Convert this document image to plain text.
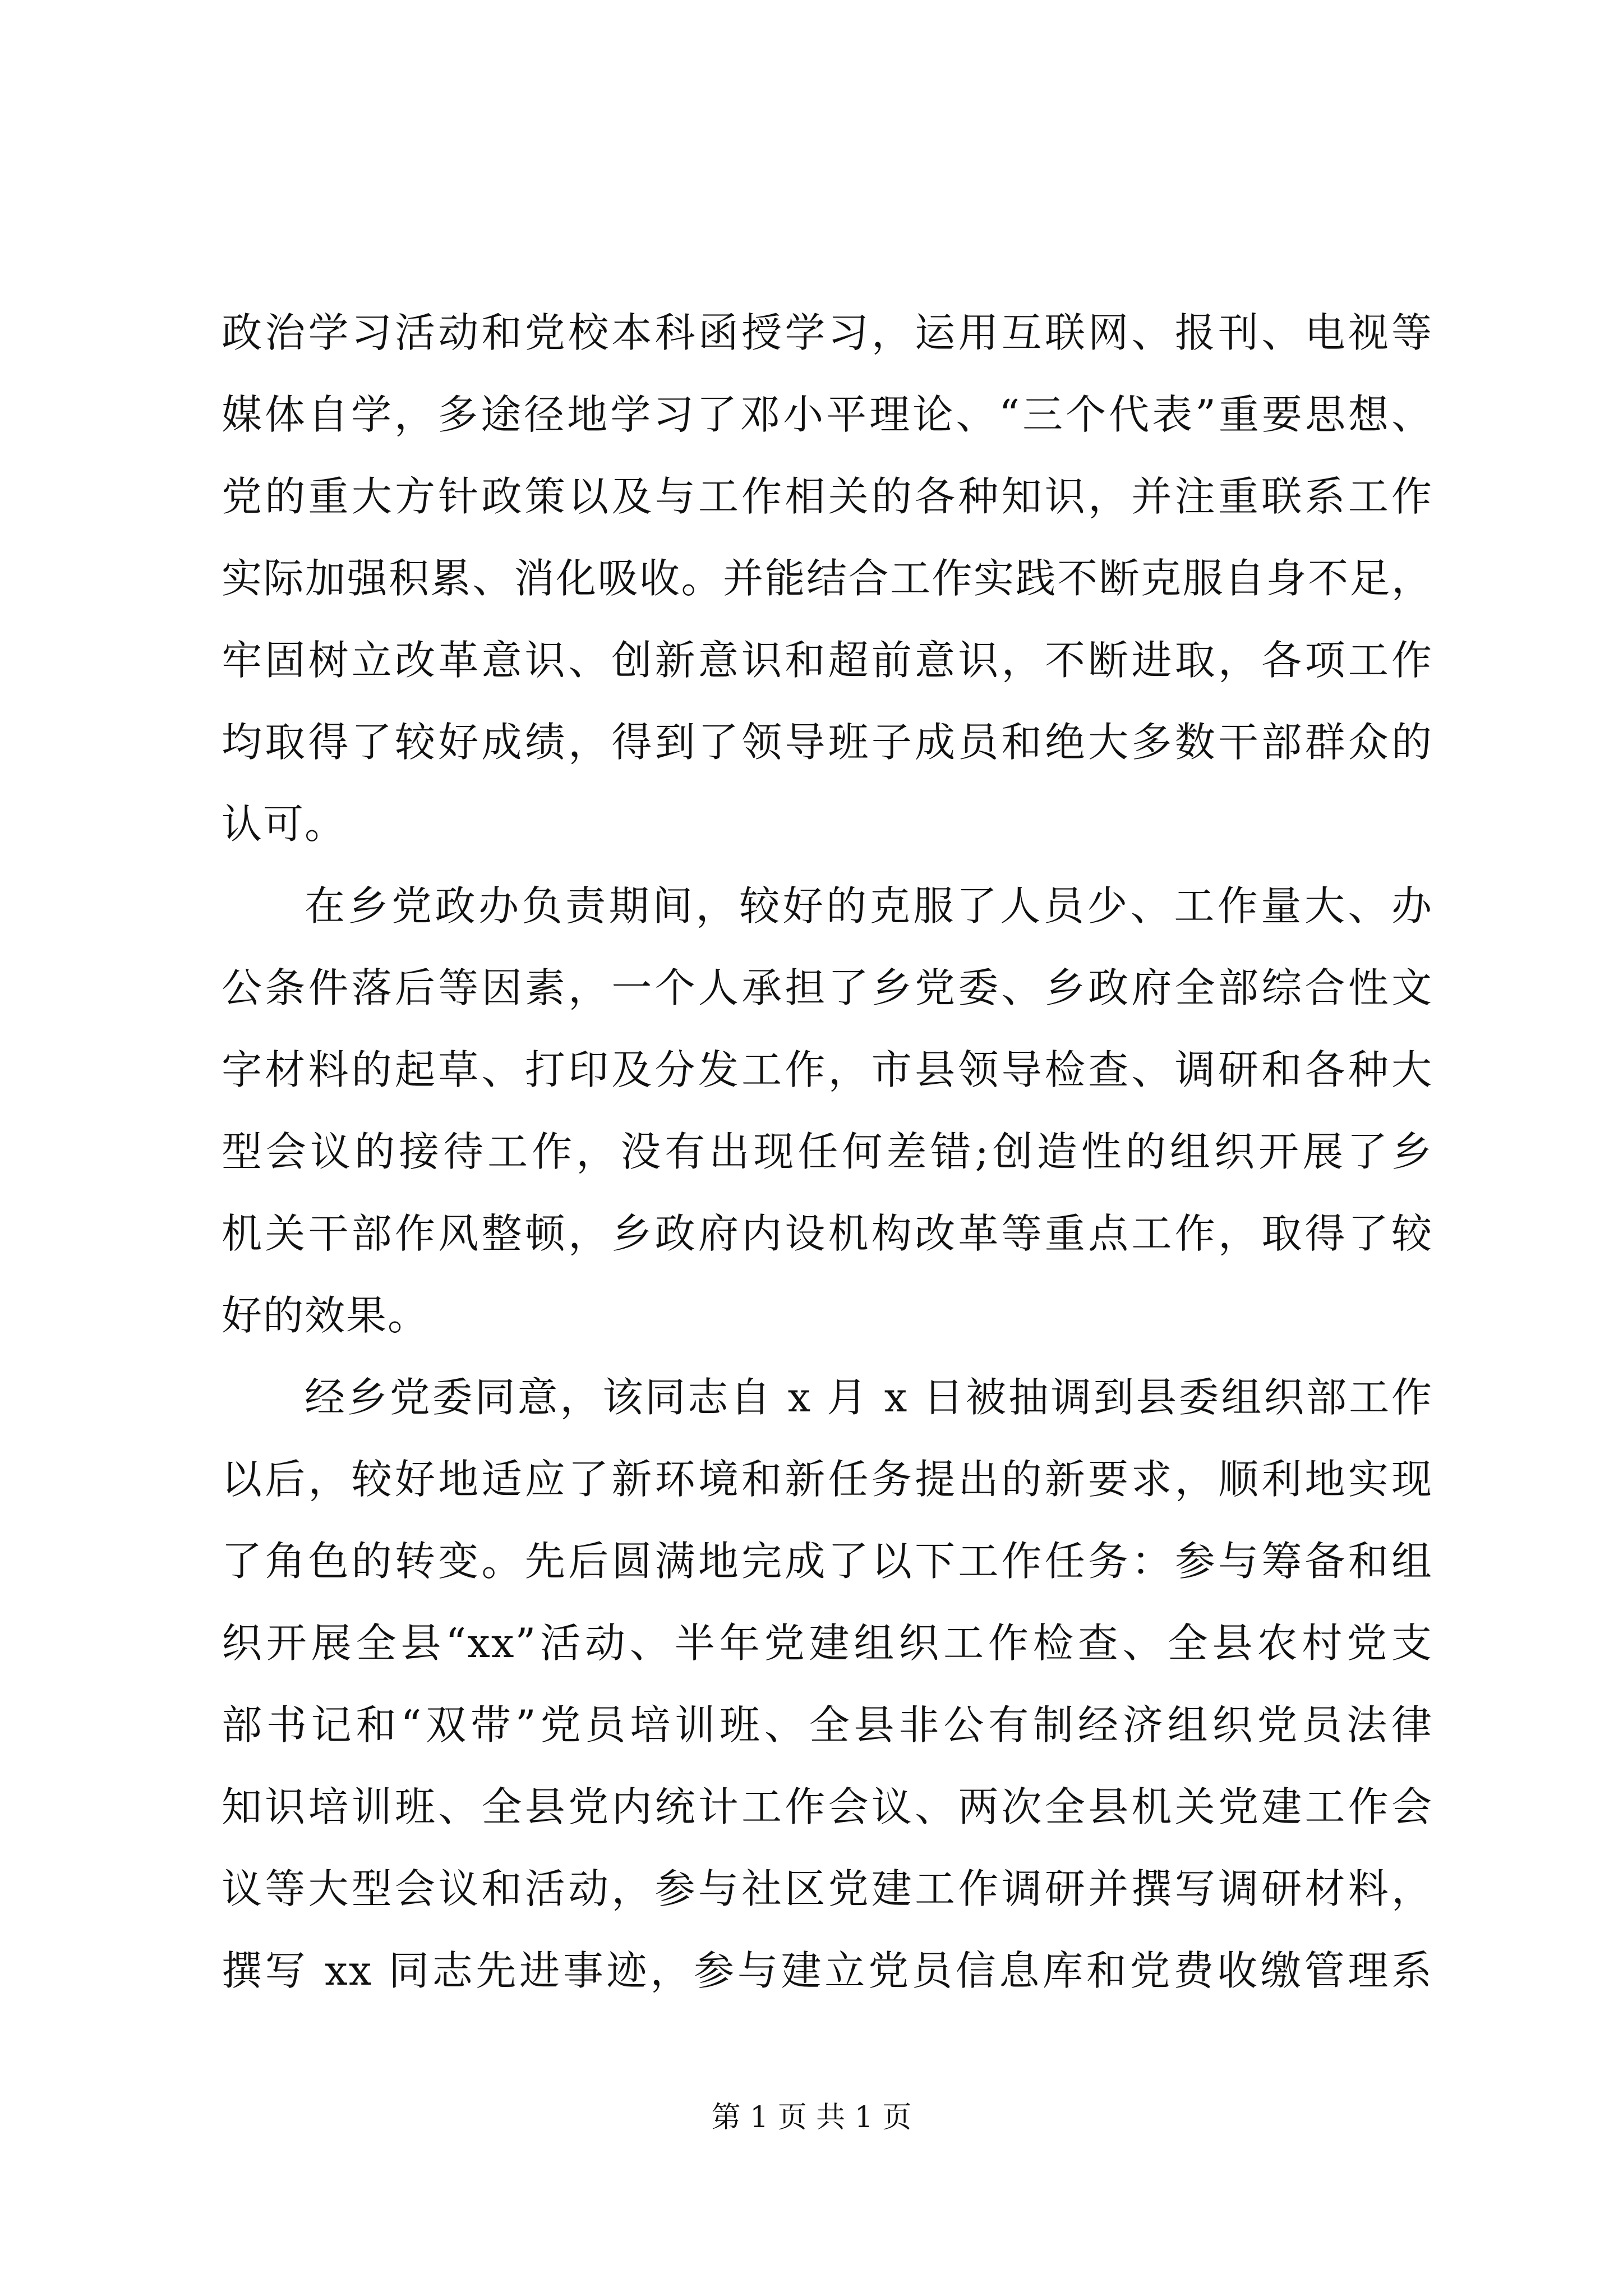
政治学习活动和党校本科函授学习，运用互联网、报刊、电视等
媒体自学，多途径地学习了邓小平理论、“三个代表”重要思想、
党的重大方针政策以及与工作相关的各种知识，并注重联系工作
实际加强积累、消化吸收。并能结合工作实践不断克服自身不足，
牢固树立改革意识、创新意识和超前意识，不断进取，各项工作
均取得了较好成绩，得到了领导班子成员和绝大多数干部群众的
认可。
在乡党政办负责期间，较好的克服了人员少、工作量大、办
公条件落后等因素，一个人承担了乡党委、乡政府全部综合性文
字材料的起草、打印及分发工作，市县领导检查、调研和各种大
型会议的接待工作，没有出现任何差错;创造性的组织开展了乡
机关干部作风整顿，乡政府内设机构改革等重点工作，取得了较
好的效果。
经乡党委同意，该同志自 x 月 x 日被抽调到县委组织部工作
以后，较好地适应了新环境和新任务提出的新要求，顺利地实现
了角色的转变。先后圆满地完成了以下工作任务：参与筹备和组
织开展全县“xx”活动、半年党建组织工作检查、全县农村党支
部书记和“双带”党员培训班、全县非公有制经济组织党员法律
知识培训班、全县党内统计工作会议、两次全县机关党建工作会
议等大型会议和活动，参与社区党建工作调研并撰写调研材料，
撰写 xx 同志先进事迹，参与建立党员信息库和党费收缴管理系
第 1 页 共 1 页
